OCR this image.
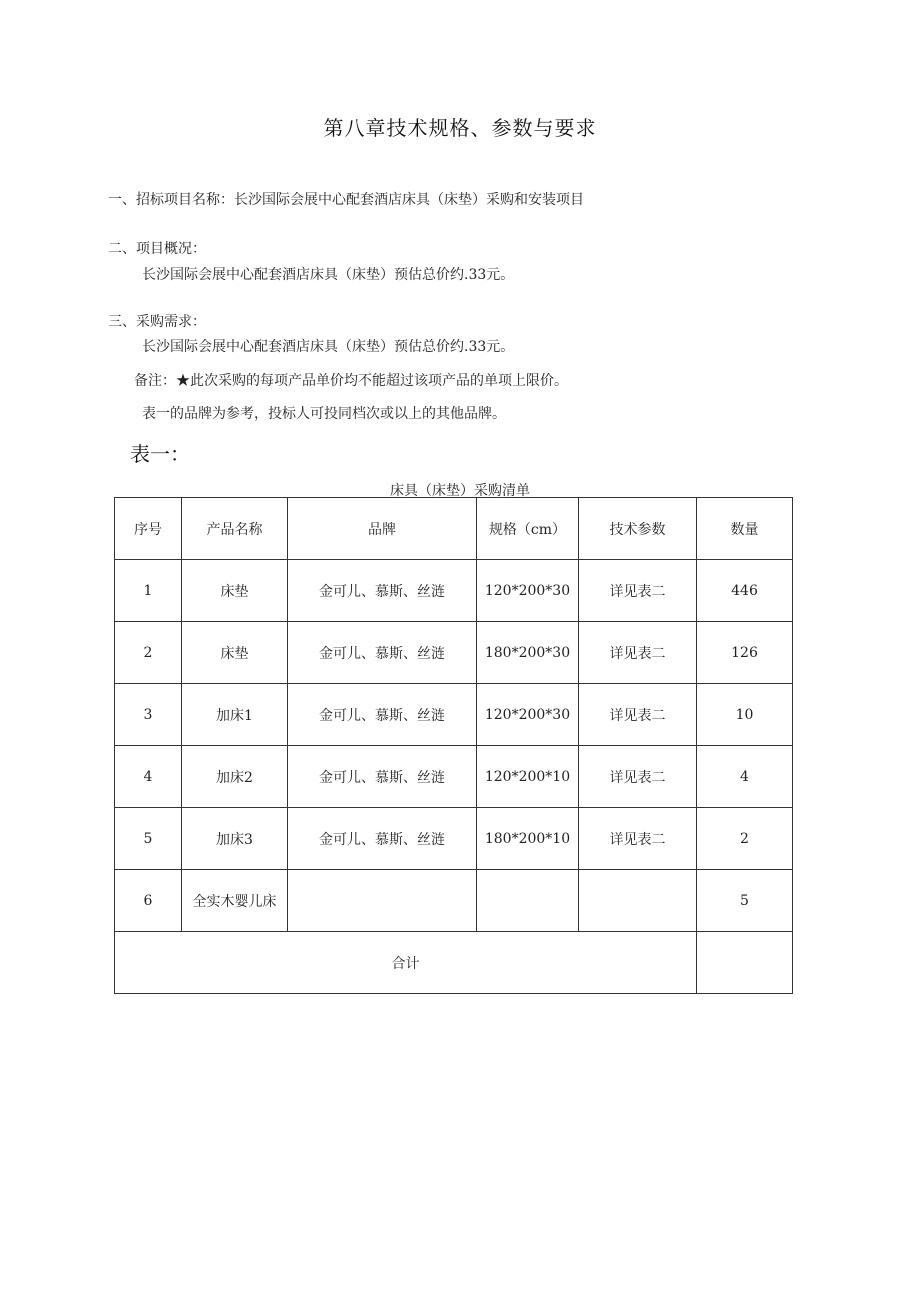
第八章技术规格、参数与要求
一、招标项目名称：长沙国际会展中心配套酒店床具（床垫）采购和安装项目
二、项目概况：
长沙国际会展中心配套酒店床具（床垫）预估总价约.33元。
三、采购需求：
长沙国际会展中心配套酒店床具（床垫）预估总价约.33元。
备注：★此次采购的每项产品单价均不能超过该项产品的单项上限价。
表一的品牌为参考，投标人可投同档次或以上的其他品牌。
表一：
床具（床垫）采购清单
序号	产品名称	品牌	规格（cm）	技术参数	数量
1	床垫	金可儿、慕斯、丝涟	120*200*30	详见表二	446
2	床垫	金可儿、慕斯、丝涟	180*200*30	详见表二	126
3	加床1	金可儿、慕斯、丝涟	120*200*30	详见表二	10
4	加床2	金可儿、慕斯、丝涟	120*200*10	详见表二	4
5	加床3	金可儿、慕斯、丝涟	180*200*10	详见表二	2
6	全实木婴儿床				5
合计					
